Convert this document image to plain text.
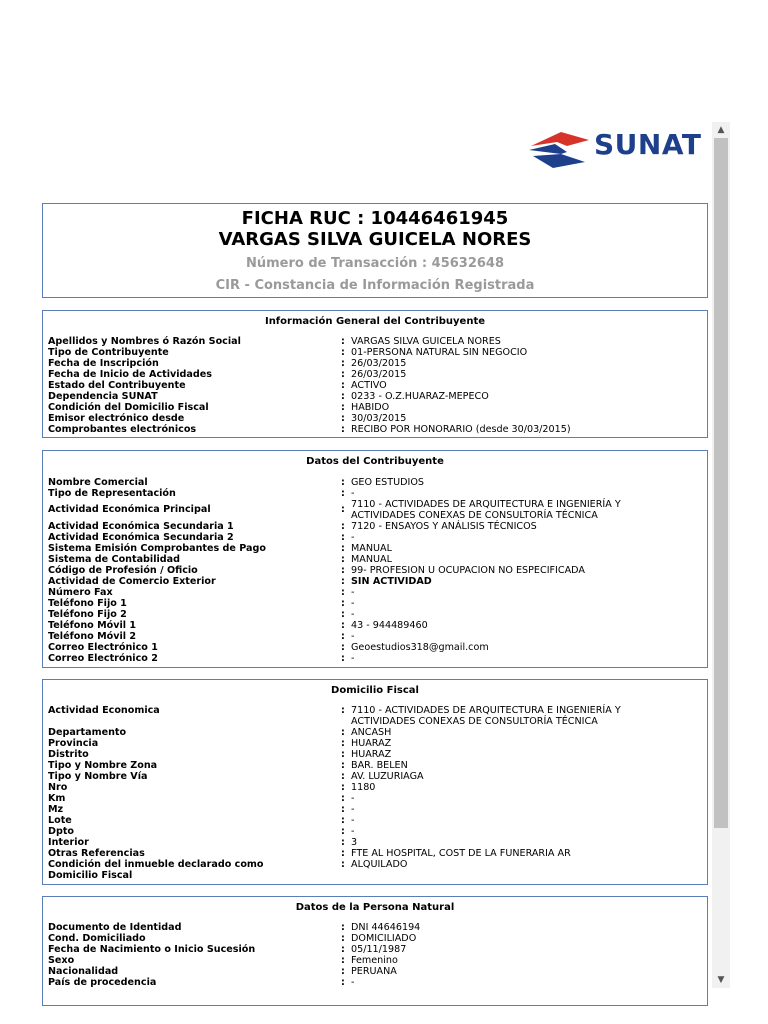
SUNAT ▲
▼
FICHA RUC : 10446461945
VARGAS SILVA GUICELA NORES
Número de Transacción : 45632648
CIR - Constancia de Información Registrada
Información General del Contribuyente
Apellidos y Nombres ó Razón Social	: VARGAS SILVA GUICELA NORES
Tipo de Contribuyente	: 01-PERSONA NATURAL SIN NEGOCIO
Fecha de Inscripción	: 26/03/2015
Fecha de Inicio de Actividades	: 26/03/2015
Estado del Contribuyente	: ACTIVO
Dependencia SUNAT	: 0233 - O.Z.HUARAZ-MEPECO
Condición del Domicilio Fiscal	: HABIDO
Emisor electrónico desde	: 30/03/2015
Comprobantes electrónicos	: RECIBO POR HONORARIO (desde 30/03/2015)
Datos del Contribuyente
Nombre Comercial	: GEO ESTUDIOS
Tipo de Representación	: -
Actividad Económica Principal	: 7110 - ACTIVIDADES DE ARQUITECTURA E INGENIERÍA Y ACTIVIDADES CONEXAS DE CONSULTORÍA TÉCNICA
Actividad Económica Secundaria 1	: 7120 - ENSAYOS Y ANÁLISIS TÉCNICOS
Actividad Económica Secundaria 2	: -
Sistema Emisión Comprobantes de Pago	: MANUAL
Sistema de Contabilidad	: MANUAL
Código de Profesión / Oficio	: 99- PROFESION U OCUPACION NO ESPECIFICADA
Actividad de Comercio Exterior	: SIN ACTIVIDAD
Número Fax	: -
Teléfono Fijo 1	: -
Teléfono Fijo 2	: -
Teléfono Móvil 1	: 43 - 944489460
Teléfono Móvil 2	: -
Correo Electrónico 1	: Geoestudios318@gmail.com
Correo Electrónico 2	: -
Domicilio Fiscal
Actividad Economica	: 7110 - ACTIVIDADES DE ARQUITECTURA E INGENIERÍA Y ACTIVIDADES CONEXAS DE CONSULTORÍA TÉCNICA
Departamento	: ANCASH
Provincia	: HUARAZ
Distrito	: HUARAZ
Tipo y Nombre Zona	: BAR. BELEN
Tipo y Nombre Vía	: AV. LUZURIAGA
Nro	: 1180
Km	: -
Mz	: -
Lote	: -
Dpto	: -
Interior	: 3
Otras Referencias	: FTE AL HOSPITAL, COST DE LA FUNERARIA AR
Condición del inmueble declarado como Domicilio Fiscal
: ALQUILADO
Datos de la Persona Natural
Documento de Identidad	: DNI 44646194
Cond. Domiciliado	: DOMICILIADO
Fecha de Nacimiento o Inicio Sucesión	: 05/11/1987
Sexo	: Femenino
Nacionalidad	: PERUANA
País de procedencia	: -
